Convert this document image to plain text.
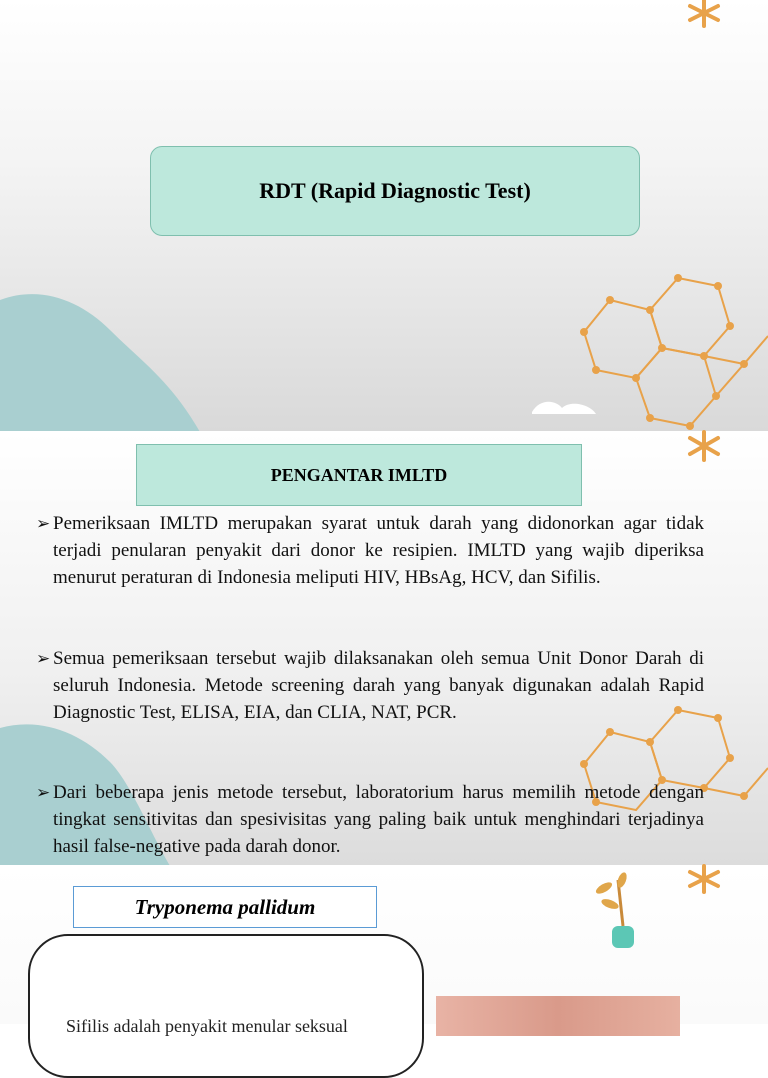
RDT (Rapid Diagnostic Test)
PENGANTAR IMLTD
➢ Pemeriksaan IMLTD merupakan syarat untuk darah yang didonorkan agar tidak terjadi penularan penyakit dari donor ke resipien. IMLTD yang wajib diperiksa menurut peraturan di Indonesia meliputi HIV, HBsAg, HCV, dan Sifilis.
➢ Semua pemeriksaan tersebut wajib dilaksanakan oleh semua Unit Donor Darah di seluruh Indonesia. Metode screening darah yang banyak digunakan adalah Rapid Diagnostic Test, ELISA, EIA, dan CLIA, NAT, PCR.
➢ Dari beberapa jenis metode tersebut, laboratorium harus memilih metode dengan tingkat sensitivitas dan spesivisitas yang paling baik untuk menghindari terjadinya hasil false-negative pada darah donor.
Tryponema pallidum
Sifilis adalah penyakit menular seksual
